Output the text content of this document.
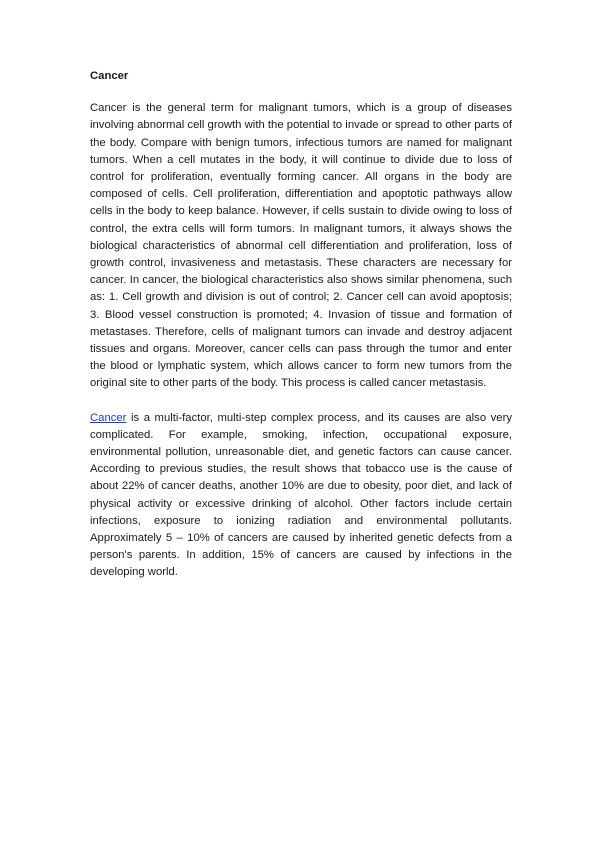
Cancer

Cancer is the general term for malignant tumors, which is a group of diseases involving abnormal cell growth with the potential to invade or spread to other parts of the body. Compare with benign tumors, infectious tumors are named for malignant tumors. When a cell mutates in the body, it will continue to divide due to loss of control for proliferation, eventually forming cancer. All organs in the body are composed of cells. Cell proliferation, differentiation and apoptotic pathways allow cells in the body to keep balance. However, if cells sustain to divide owing to loss of control, the extra cells will form tumors. In malignant tumors, it always shows the biological characteristics of abnormal cell differentiation and proliferation, loss of growth control, invasiveness and metastasis. These characters are necessary for cancer. In cancer, the biological characteristics also shows similar phenomena, such as: 1. Cell growth and division is out of control; 2. Cancer cell can avoid apoptosis; 3. Blood vessel construction is promoted; 4. Invasion of tissue and formation of metastases. Therefore, cells of malignant tumors can invade and destroy adjacent tissues and organs. Moreover, cancer cells can pass through the tumor and enter the blood or lymphatic system, which allows cancer to form new tumors from the original site to other parts of the body. This process is called cancer metastasis.

Cancer is a multi-factor, multi-step complex process, and its causes are also very complicated. For example, smoking, infection, occupational exposure, environmental pollution, unreasonable diet, and genetic factors can cause cancer. According to previous studies, the result shows that tobacco use is the cause of about 22% of cancer deaths, another 10% are due to obesity, poor diet, and lack of physical activity or excessive drinking of alcohol. Other factors include certain infections, exposure to ionizing radiation and environmental pollutants. Approximately 5 – 10% of cancers are caused by inherited genetic defects from a person's parents. In addition, 15% of cancers are caused by infections in the developing world.
